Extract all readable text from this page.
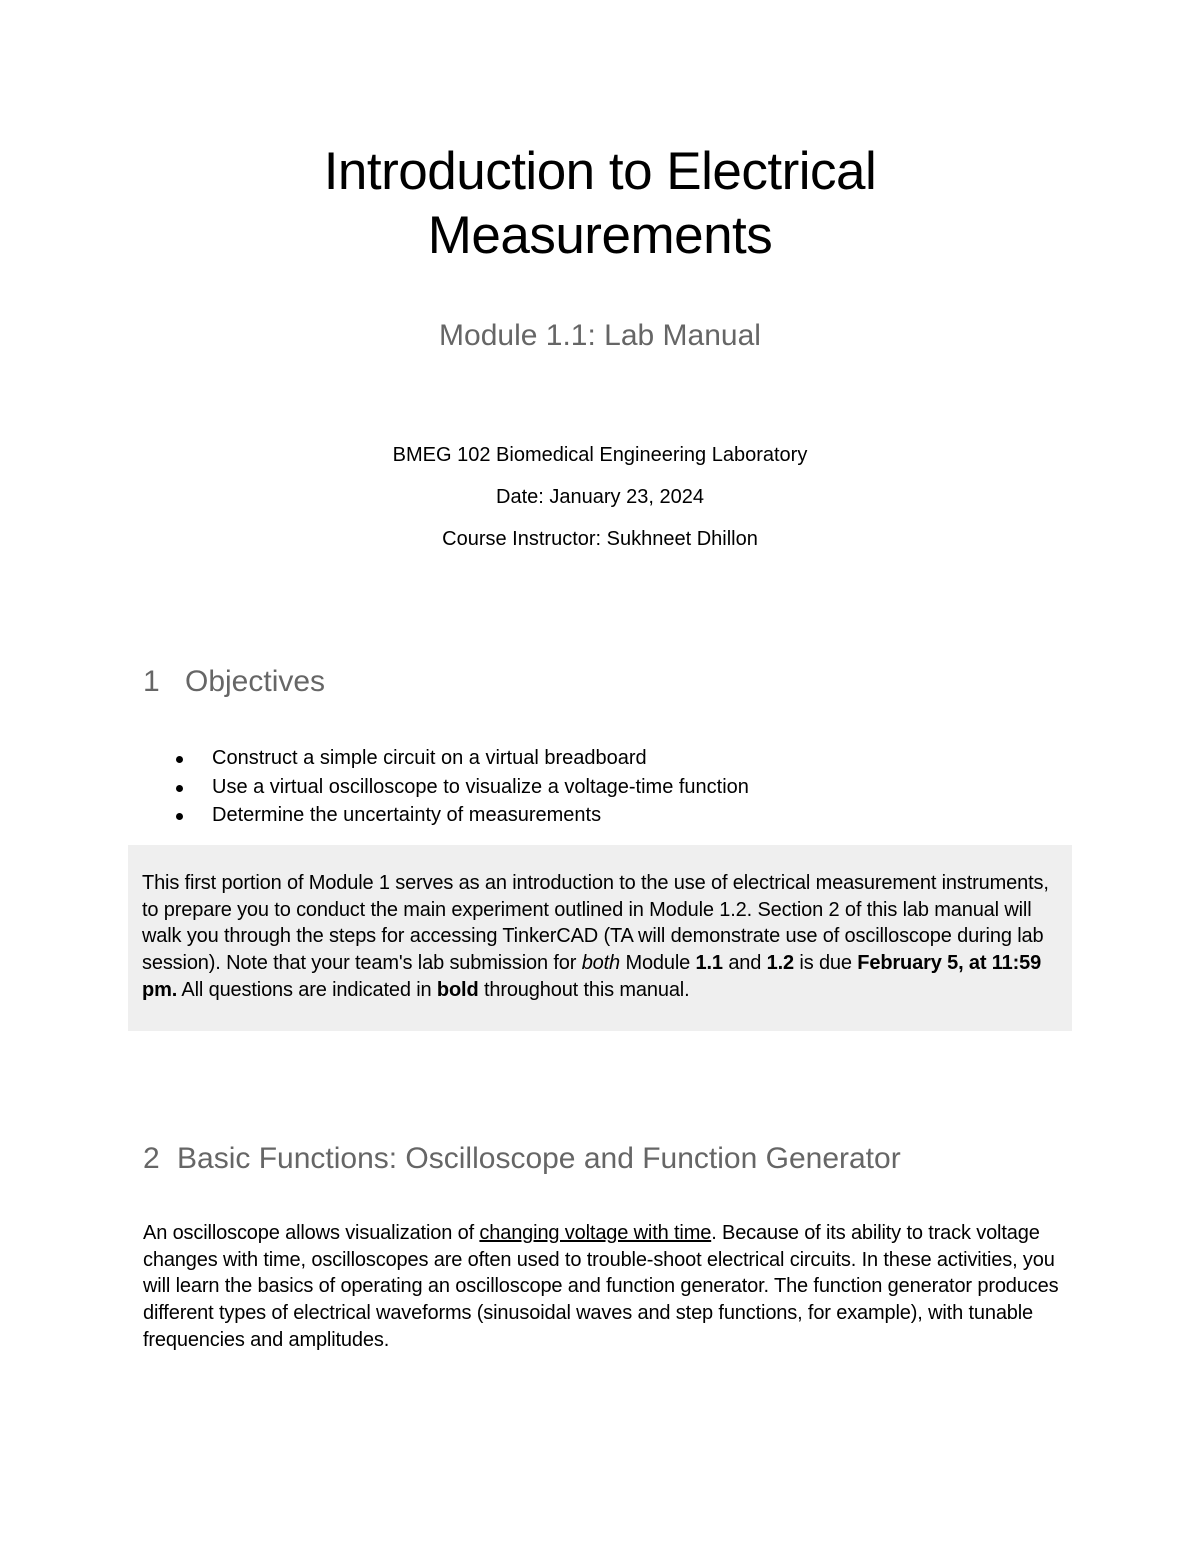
Introduction to Electrical
Measurements

Module 1.1: Lab Manual

BMEG 102 Biomedical Engineering Laboratory

Date: January 23, 2024

Course Instructor: Sukhneet Dhillon

1 Objectives
Construct a simple circuit on a virtual breadboard
Use a virtual oscilloscope to visualize a voltage-time function
Determine the uncertainty of measurements

This first portion of Module 1 serves as an introduction to the use of electrical measurement instruments, to prepare you to conduct the main experiment outlined in Module 1.2. Section 2 of this lab manual will walk you through the steps for accessing TinkerCAD (TA will demonstrate use of oscilloscope during lab session). Note that your team's lab submission for both Module 1.1 and 1.2 is due February 5, at 11:59 pm. All questions are indicated in bold throughout this manual.

2 Basic Functions: Oscilloscope and Function Generator

An oscilloscope allows visualization of changing voltage with time. Because of its ability to track voltage changes with time, oscilloscopes are often used to trouble-shoot electrical circuits. In these activities, you will learn the basics of operating an oscilloscope and function generator. The function generator produces different types of electrical waveforms (sinusoidal waves and step functions, for example), with tunable frequencies and amplitudes.
